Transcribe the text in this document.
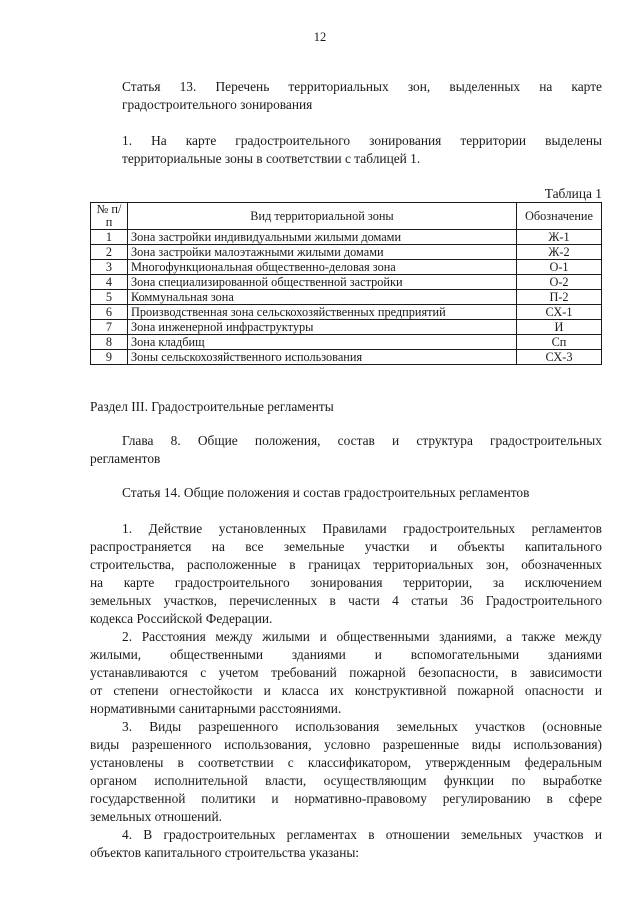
12
Статья 13. Перечень территориальных зон, выделенных на карте
градостроительного зонирования
1. На карте градостроительного зонирования территории выделены
территориальные зоны в соответствии с таблицей 1.
Таблица 1
№ п/п	Вид территориальной зоны	Обозначение
1	Зона застройки индивидуальными жилыми домами	Ж-1
2	Зона застройки малоэтажными жилыми домами	Ж-2
3	Многофункциональная общественно-деловая зона	О-1
4	Зона специализированной общественной застройки	О-2
5	Коммунальная зона	П-2
6	Производственная зона сельскохозяйственных предприятий	СХ-1
7	Зона инженерной инфраструктуры	И
8	Зона кладбищ	Сп
9	Зоны сельскохозяйственного использования	СХ-3
Раздел III. Градостроительные регламенты
Глава 8. Общие положения, состав и структура градостроительных
регламентов
Статья 14. Общие положения и состав градостроительных регламентов
1. Действие установленных Правилами градостроительных регламентов
распространяется на все земельные участки и объекты капитального
строительства, расположенные в границах территориальных зон, обозначенных
на карте градостроительного зонирования территории, за исключением
земельных участков, перечисленных в части 4 статьи 36 Градостроительного
кодекса Российской Федерации.
2. Расстояния между жилыми и общественными зданиями, а также между
жилыми, общественными зданиями и вспомогательными зданиями
устанавливаются с учетом требований пожарной безопасности, в зависимости
от степени огнестойкости и класса их конструктивной пожарной опасности и
нормативными санитарными расстояниями.
3. Виды разрешенного использования земельных участков (основные
виды разрешенного использования, условно разрешенные виды использования)
установлены в соответствии с классификатором, утвержденным федеральным
органом исполнительной власти, осуществляющим функции по выработке
государственной политики и нормативно-правовому регулированию в сфере
земельных отношений.
4. В градостроительных регламентах в отношении земельных участков и
объектов капитального строительства указаны:
